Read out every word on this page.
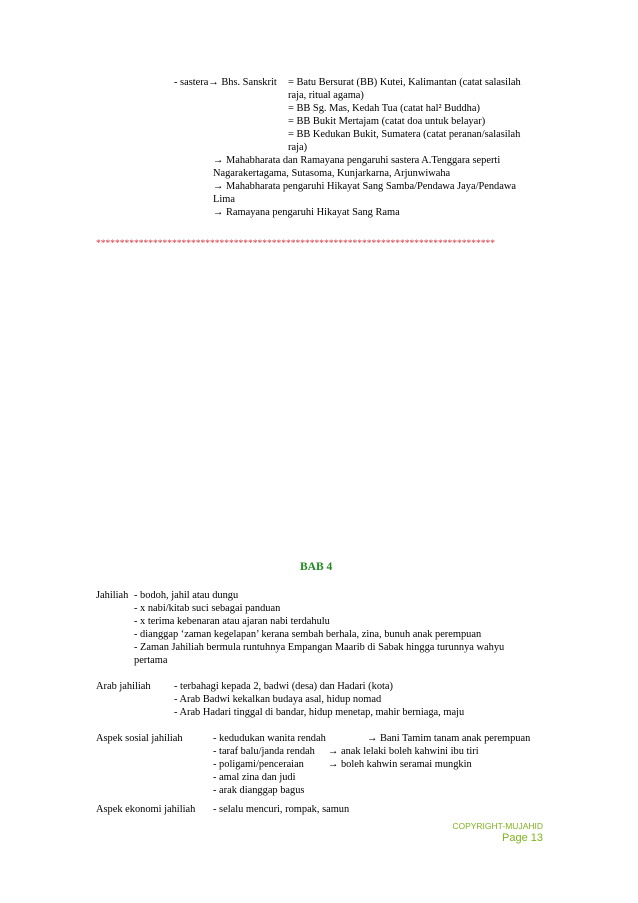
- sastera→ Bhs. Sanskrit = Batu Bersurat (BB) Kutei, Kalimantan (catat salasilah
raja, ritual agama)
= BB Sg. Mas, Kedah Tua (catat hal² Buddha)
= BB Bukit Mertajam (catat doa untuk belayar)
= BB Kedukan Bukit, Sumatera (catat peranan/salasilah
raja)
→ Mahabharata dan Ramayana pengaruhi sastera A.Tenggara seperti
Nagarakertagama, Sutasoma, Kunjarkarna, Arjunwiwaha
→ Mahabharata pengaruhi Hikayat Sang Samba/Pendawa Jaya/Pendawa
Lima
→ Ramayana pengaruhi Hikayat Sang Rama
************************************************************************************
BAB 4
Jahiliah - bodoh, jahil atau dungu
- x nabi/kitab suci sebagai panduan
- x terima kebenaran atau ajaran nabi terdahulu
- dianggap ‘zaman kegelapan’ kerana sembah berhala, zina, bunuh anak perempuan
- Zaman Jahiliah bermula runtuhnya Empangan Maarib di Sabak hingga turunnya wahyu
pertama
Arab jahiliah - terbahagi kepada 2, badwi (desa) dan Hadari (kota)
- Arab Badwi kekalkan budaya asal, hidup nomad
- Arab Hadari tinggal di bandar, hidup menetap, mahir berniaga, maju
Aspek sosial jahiliah	- kedudukan wanita rendah	→ Bani Tamim tanam anak perempuan
- taraf balu/janda rendah → anak lelaki boleh kahwini ibu tiri
- poligami/penceraian → boleh kahwin seramai mungkin
- amal zina dan judi
- arak dianggap bagus
Aspek ekonomi jahiliah - selalu mencuri, rompak, samun
COPYRIGHT-MUJAHID
Page 13
